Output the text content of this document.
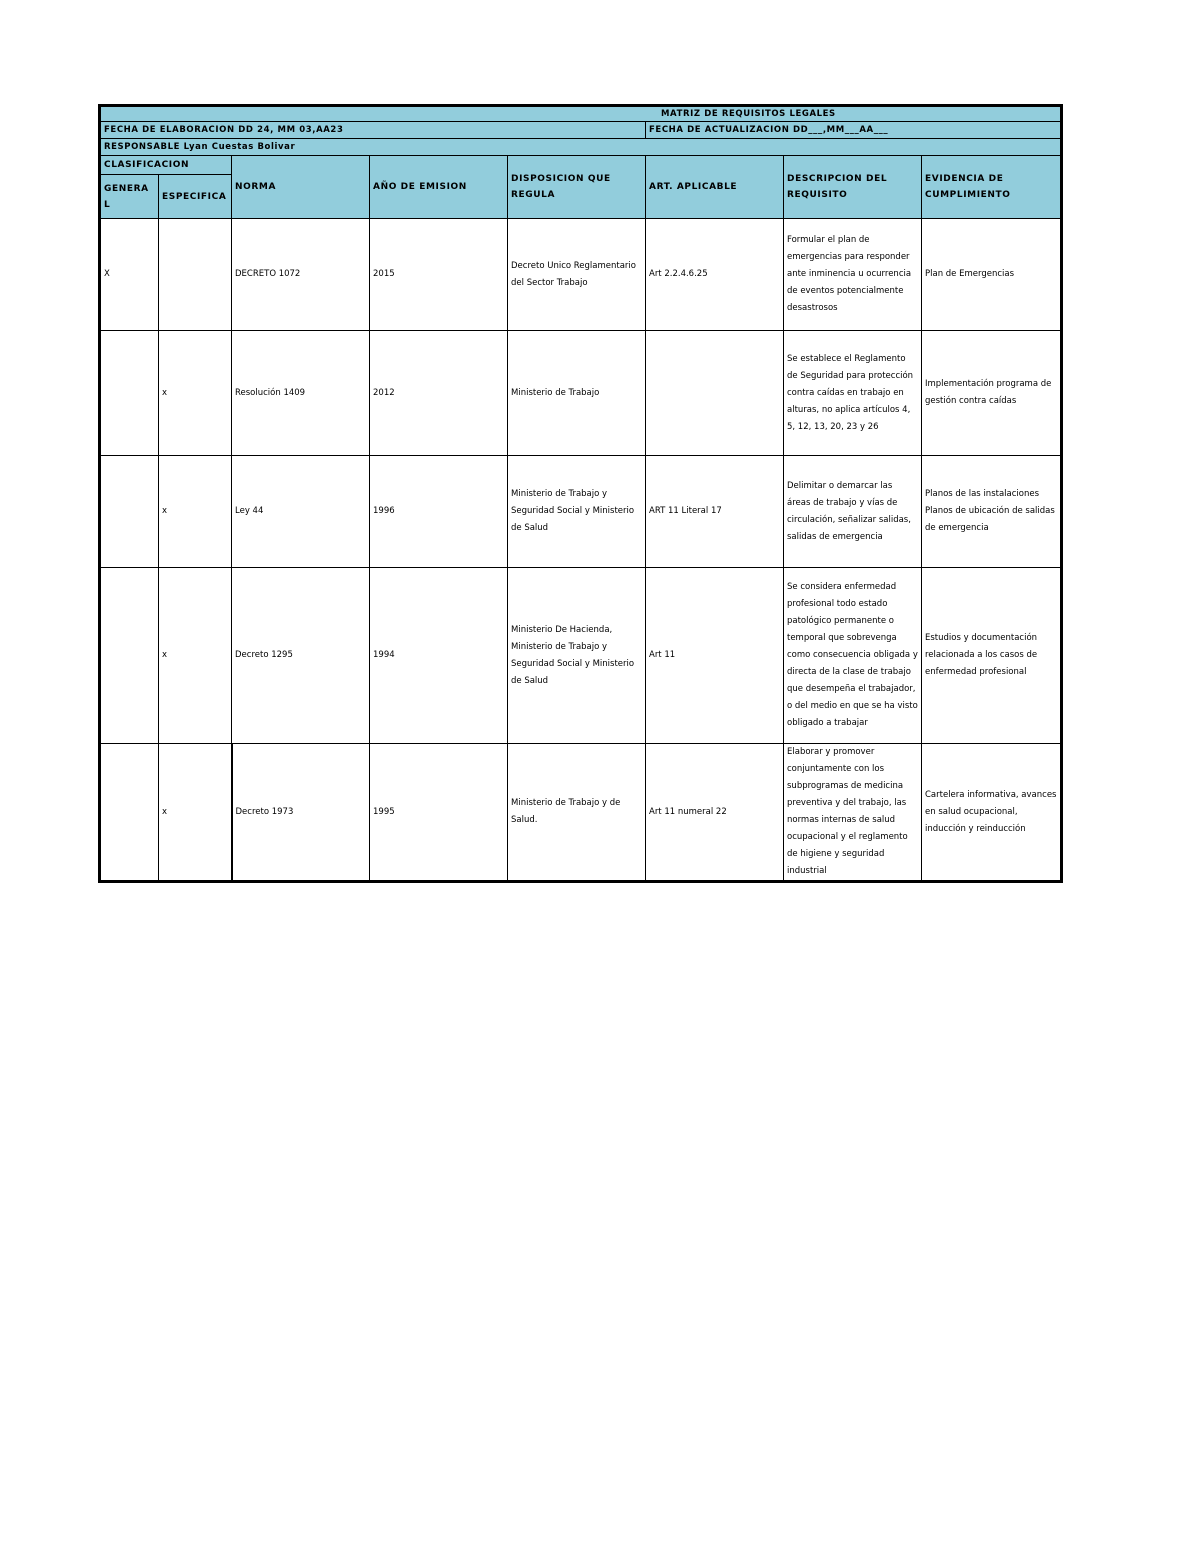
MATRIZ DE REQUISITOS LEGALES							
FECHA DE ELABORACION DD 24, MM 03,AA23					FECHA DE ACTUALIZACION DD___,MM___AA___		
RESPONSABLE Lyan Cuestas Bolivar							
CLASIFICACION		NORMA	AÑO DE EMISION	DISPOSICION QUE REGULA	ART. APLICABLE	DESCRIPCION DEL REQUISITO	EVIDENCIA DE CUMPLIMIENTO
GENERAL	ESPECIFICA						
X		DECRETO 1072	2015	Decreto Unico Reglamentario del Sector Trabajo	Art 2.2.4.6.25	Formular el plan de emergencias para responder ante inminencia u ocurrencia de eventos potencialmente desastrosos	Plan de Emergencias
	x	Resolución 1409	2012	Ministerio de Trabajo		Se establece el Reglamento de Seguridad para protección contra caídas en trabajo en alturas, no aplica artículos 4, 5, 12, 13, 20, 23 y 26	Implementación programa de gestión contra caídas
	x	Ley 44	1996	Ministerio de Trabajo y Seguridad Social y Ministerio de Salud	ART 11 Literal 17	Delimitar o demarcar las áreas de trabajo y vías de circulación, señalizar salidas, salidas de emergencia	Planos de las instalaciones Planos de ubicación de salidas de emergencia
	x	Decreto 1295	1994	Ministerio De Hacienda, Ministerio de Trabajo y Seguridad Social y Ministerio de Salud	Art 11	Se considera enfermedad profesional todo estado patológico permanente o temporal que sobrevenga como consecuencia obligada y directa de la clase de trabajo que desempeña el trabajador, o del medio en que se ha visto obligado a trabajar	Estudios y documentación relacionada a los casos de enfermedad profesional
	x	Decreto 1973	1995	Ministerio de Trabajo y de Salud.	Art 11 numeral 22	Elaborar y promover conjuntamente con los subprogramas de medicina preventiva y del trabajo, las normas internas de salud ocupacional y el reglamento de higiene y seguridad industrial	Cartelera informativa, avances en salud ocupacional, inducción y reinducción
